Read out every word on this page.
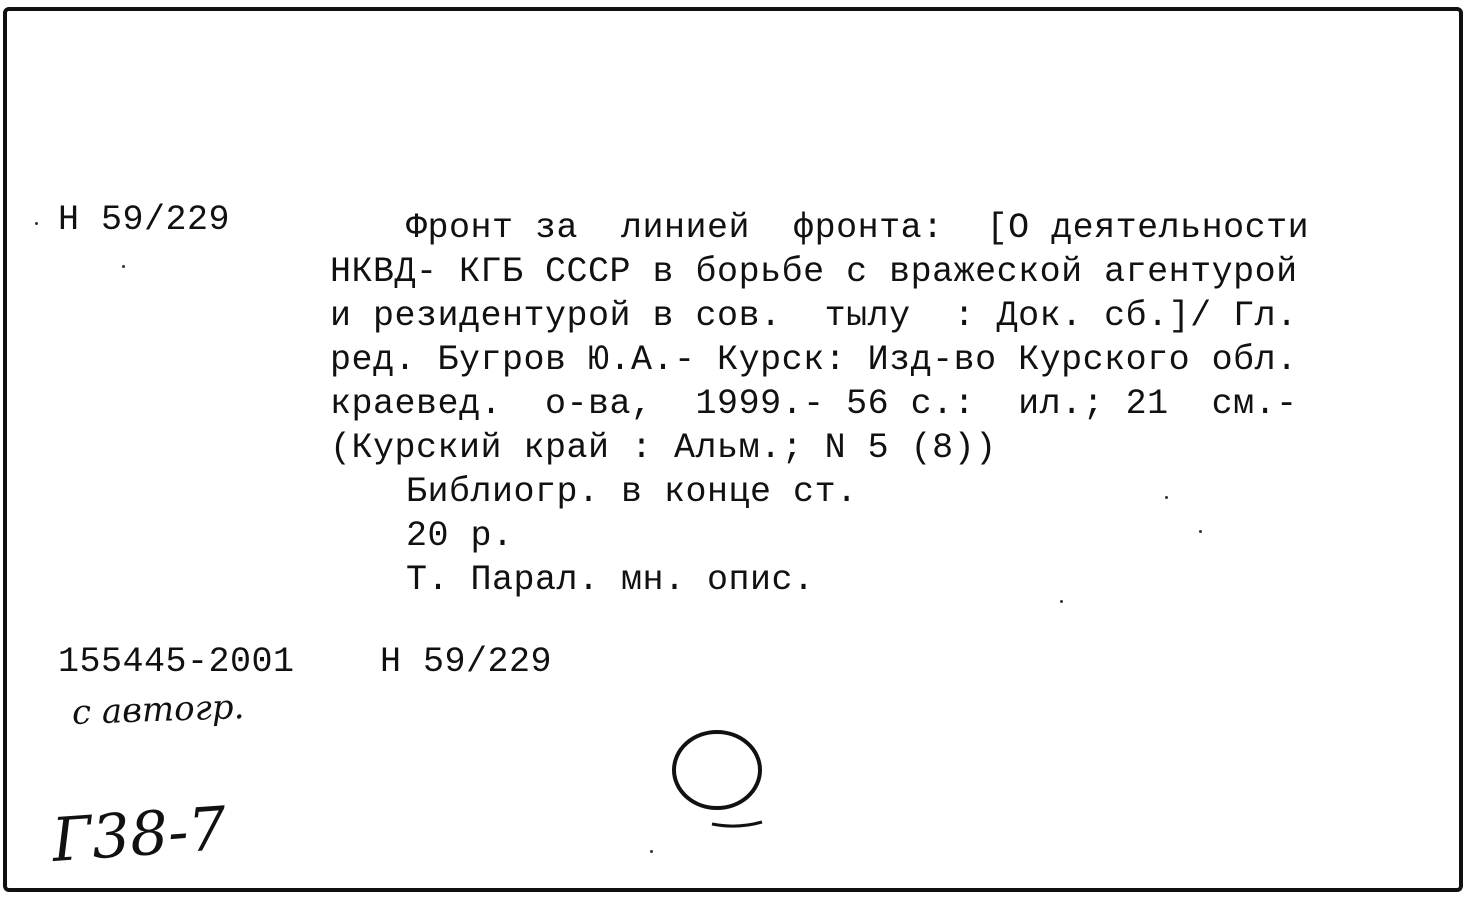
Н 59/229	Фронт за  линией  фронта:  [О деятельности
НКВД- КГБ СССР в борьбе с вражеской агентурой
и резидентурой в сов.  тылу  : Док. сб.]/ Гл.
ред. Бугров Ю.А.- Курск: Изд-во Курского обл.
краевед.  о-ва,  1999.- 56 с.:  ил.; 21  см.-
(Курский край : Альм.; N 5 (8))
Библиогр. в конце ст.
20 р.
Т. Парал. мн. опис.
155445-2001 Н 59/229
с автогр.
Г38-7
